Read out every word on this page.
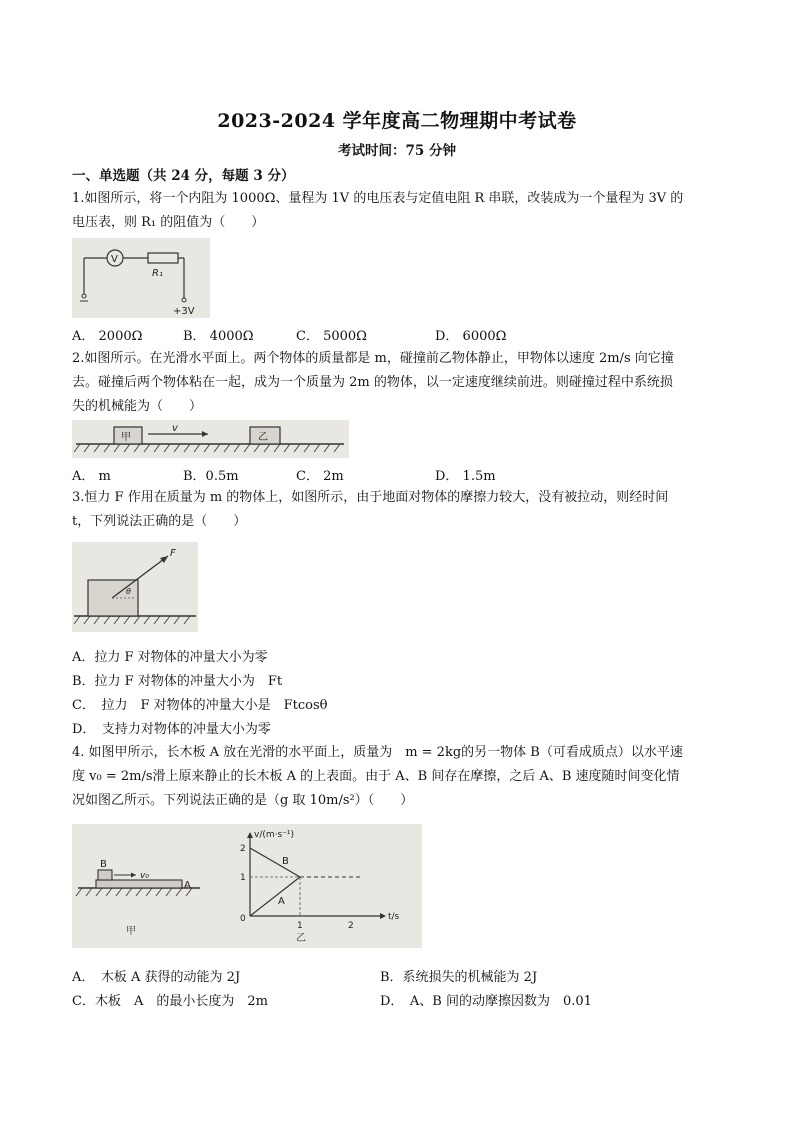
2023-2024 学年度高二物理期中考试卷
考试时间：75 分钟
一、单选题（共 24 分，每题 3 分）
1.如图所示，将一个内阻为 1000Ω、量程为 1V 的电压表与定值电阻 R 串联，改装成为一个量程为 3V 的
电压表，则 R₁ 的阻值为（　　）
V
R₁
+3V
A． 2000Ω	B． 4000Ω	C． 5000Ω	D． 6000Ω
2.如图所示。在光滑水平面上。两个物体的质量都是 m，碰撞前乙物体静止，甲物体以速度 2m/s 向它撞
去。碰撞后两个物体粘在一起，成为一个质量为 2m 的物体，以一定速度继续前进。则碰撞过程中系统损
失的机械能为（　　）
甲
v
乙
A． m	B．0.5m	C． 2m	D． 1.5m
3.恒力 F 作用在质量为 m 的物体上，如图所示，由于地面对物体的摩擦力较大，没有被拉动，则经时间
t，下列说法正确的是（　　）
F
θ
A．拉力 F 对物体的冲量大小为零
B．拉力 F 对物体的冲量大小为　Ft
C．　拉力　F 对物体的冲量大小是　Ftcosθ
D．　支持力对物体的冲量大小为零
4. 如图甲所示，长木板 A 放在光滑的水平面上，质量为　m = 2kg的另一物体 B（可看成质点）以水平速
度 v₀ = 2m/s滑上原来静止的长木板 A 的上表面。由于 A、B 间存在摩擦，之后 A、B 速度随时间变化情
况如图乙所示。下列说法正确的是（g 取 10m/s²）（　　）
B
v₀
A
甲
v/(m·s⁻¹)
t/s
2
1
0
1	2
B
A
乙
A．　木板 A 获得的动能为 2J	B．系统损失的机械能为 2J
C．木板　A　的最小长度为　2m	D．　A、B 间的动摩擦因数为　0.01
